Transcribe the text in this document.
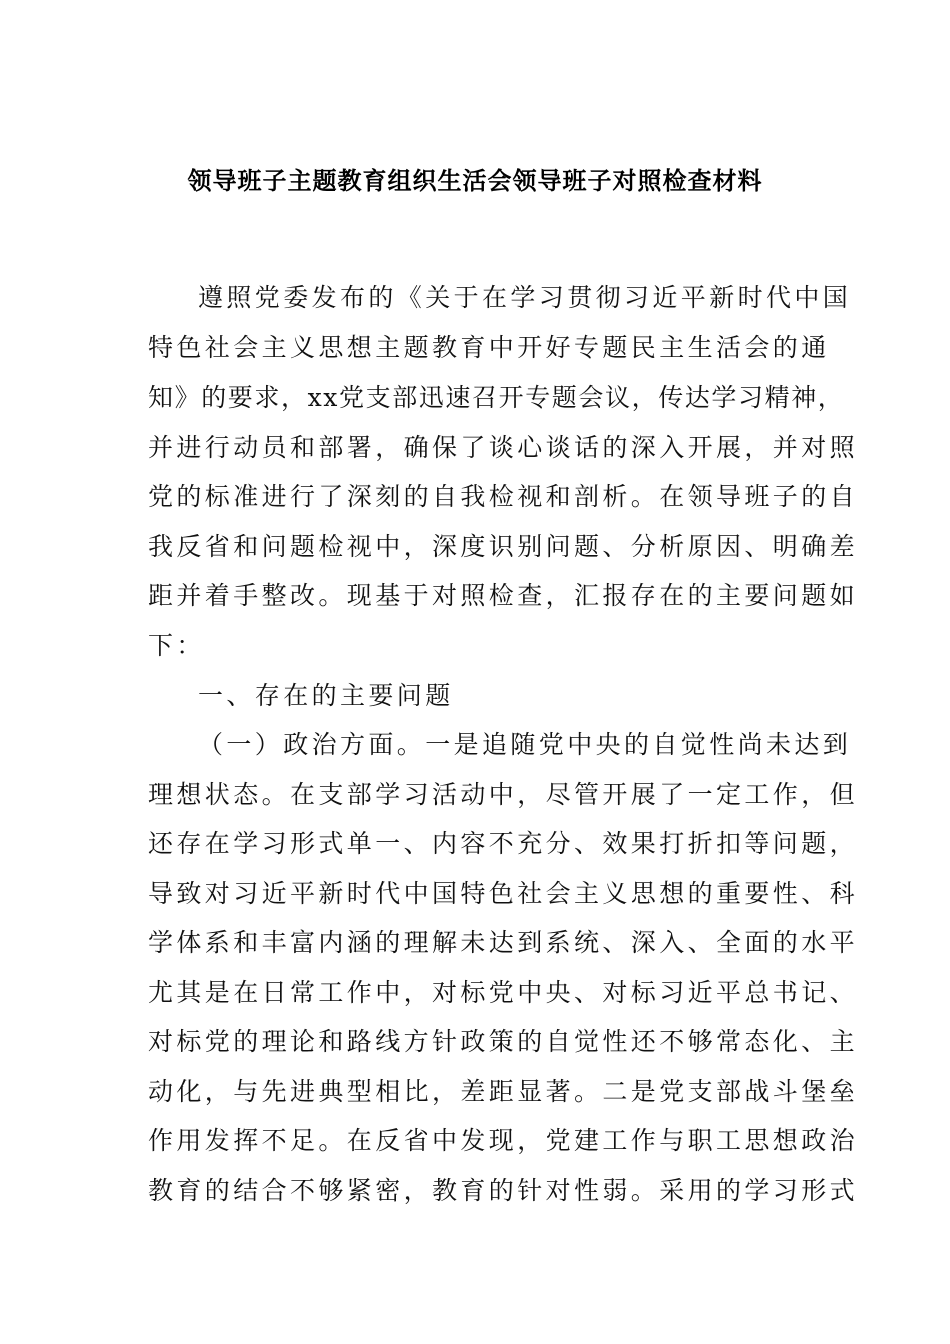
领导班子主题教育组织生活会领导班子对照检查材料
遵照党委发布的《关于在学习贯彻习近平新时代中国
特色社会主义思想主题教育中开好专题民主生活会的通
知》的要求，xx党支部迅速召开专题会议，传达学习精神，
并进行动员和部署，确保了谈心谈话的深入开展，并对照
党的标准进行了深刻的自我检视和剖析。在领导班子的自
我反省和问题检视中，深度识别问题、分析原因、明确差
距并着手整改。现基于对照检查，汇报存在的主要问题如
下：
一、存在的主要问题
（一）政治方面。一是追随党中央的自觉性尚未达到
理想状态。在支部学习活动中，尽管开展了一定工作，但
还存在学习形式单一、内容不充分、效果打折扣等问题，
导致对习近平新时代中国特色社会主义思想的重要性、科
学体系和丰富内涵的理解未达到系统、深入、全面的水平
尤其是在日常工作中，对标党中央、对标习近平总书记、
对标党的理论和路线方针政策的自觉性还不够常态化、主
动化，与先进典型相比，差距显著。二是党支部战斗堡垒
作用发挥不足。在反省中发现，党建工作与职工思想政治
教育的结合不够紧密，教育的针对性弱。采用的学习形式
